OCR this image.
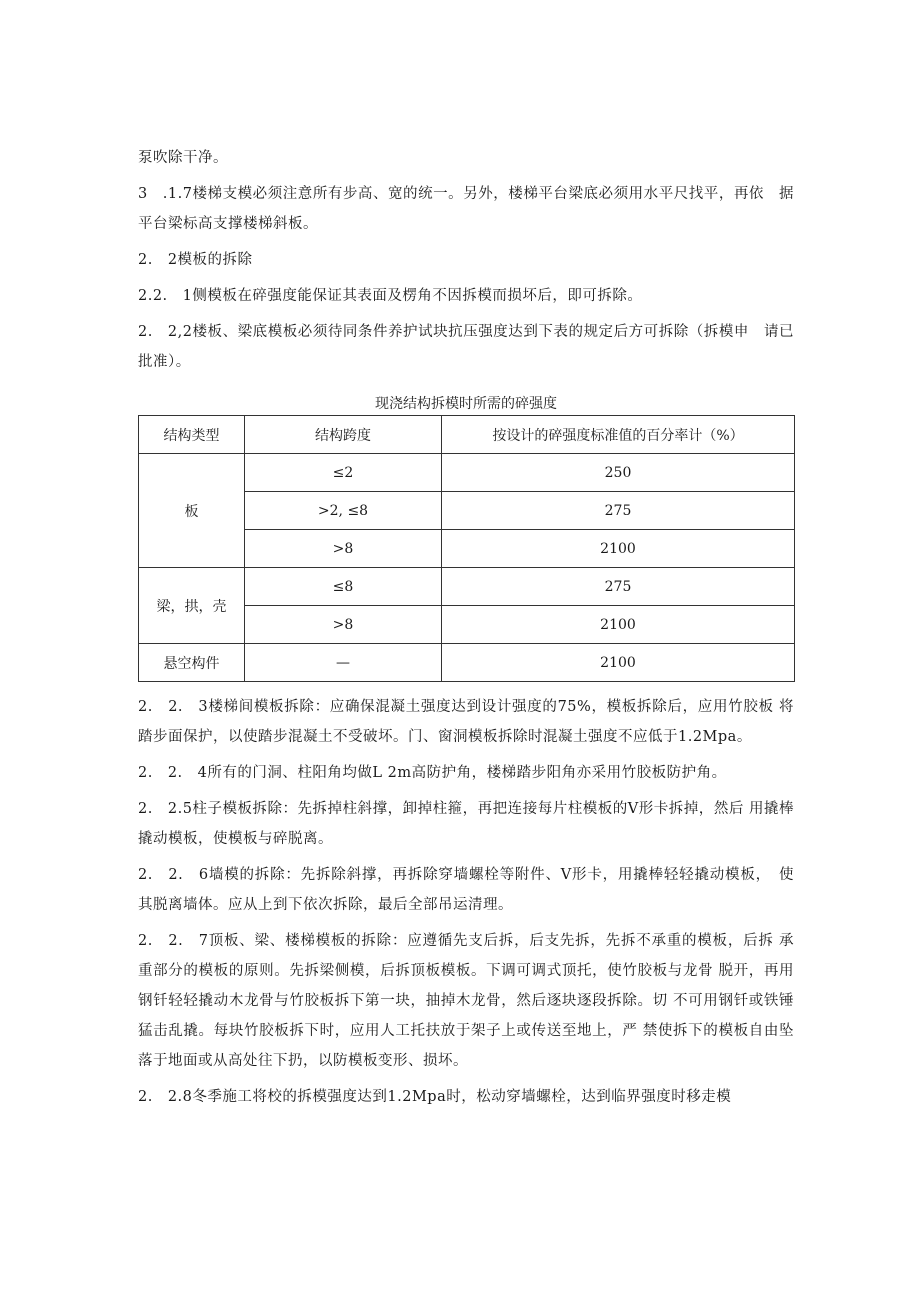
泵吹除干净。

3　.1.7楼梯支模必须注意所有步高、宽的统一。另外，楼梯平台梁底必须用水平尺找平，再依　据平台梁标高支撑楼梯斜板。

2.　2模板的拆除

2.2.　1侧模板在碎强度能保证其表面及楞角不因拆模而损坏后，即可拆除。

2.　2,2楼板、梁底模板必须待同条件养护试块抗压强度达到下表的规定后方可拆除（拆模申　请已批准）。

现浇结构拆模时所需的碎强度

结构类型	结构跨度	按设计的碎强度标准值的百分率计（%）
板	≤2	250
	>2, ≤8	275
	>8	2100
梁，拱，壳	≤8	275
	>8	2100
悬空构件	—	2100

2.　2.　3楼梯间模板拆除：应确保混凝土强度达到设计强度的75%，模板拆除后，应用竹胶板 将踏步面保护，以使踏步混凝土不受破坏。门、窗洞模板拆除时混凝土强度不应低于1.2Mpa。

2.　2.　4所有的门洞、柱阳角均做L 2m高防护角，楼梯踏步阳角亦采用竹胶板防护角。

2.　2.5柱子模板拆除：先拆掉柱斜撑，卸掉柱箍，再把连接每片柱模板的V形卡拆掉，然后 用撬棒撬动模板，使模板与碎脱离。

2.　2.　6墙模的拆除：先拆除斜撑，再拆除穿墙螺栓等附件、V形卡，用撬棒轻轻撬动模板，　使其脱离墙体。应从上到下依次拆除，最后全部吊运清理。

2.　2.　7顶板、梁、楼梯模板的拆除：应遵循先支后拆，后支先拆，先拆不承重的模板，后拆 承重部分的模板的原则。先拆梁侧模，后拆顶板模板。下调可调式顶托，使竹胶板与龙骨 脱开，再用钢钎轻轻撬动木龙骨与竹胶板拆下第一块，抽掉木龙骨，然后逐块逐段拆除。切 不可用钢钎或铁锤猛击乱撬。每块竹胶板拆下时，应用人工托扶放于架子上或传送至地上，严 禁使拆下的模板自由坠落于地面或从高处往下扔，以防模板变形、损坏。

2.　2.8冬季施工将校的拆模强度达到1.2Mpa时，松动穿墙螺栓，达到临界强度时移走模
